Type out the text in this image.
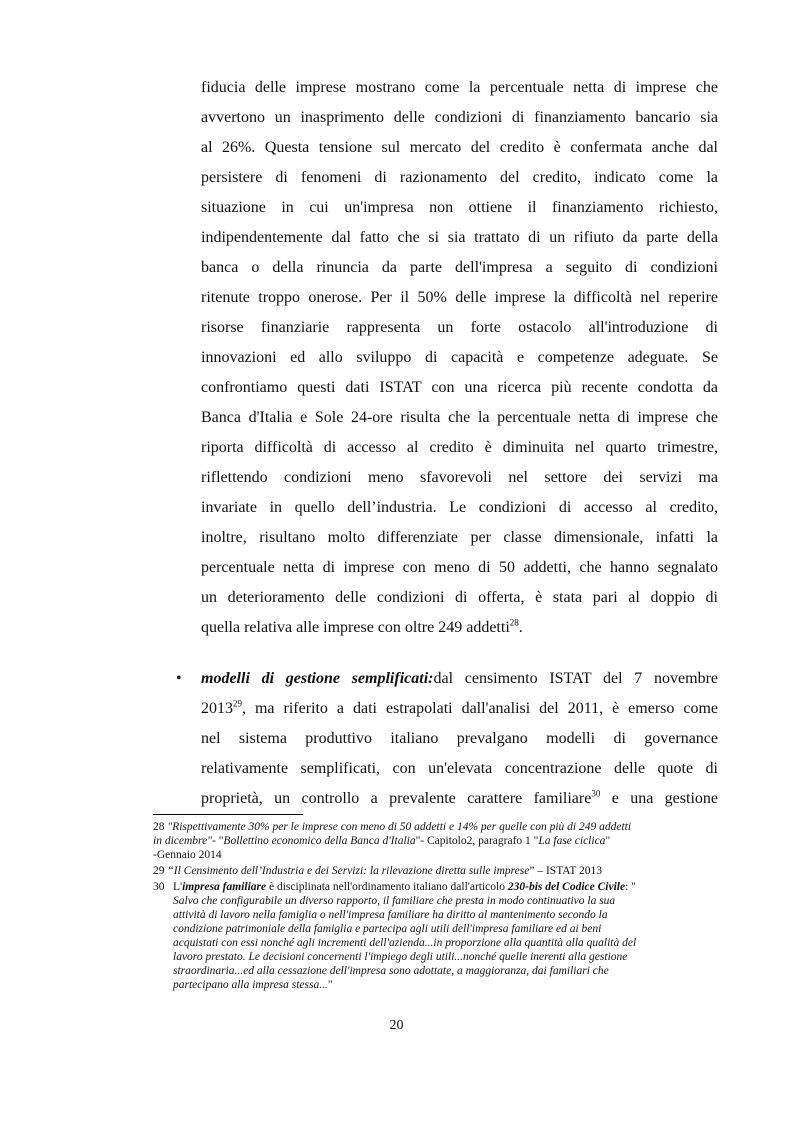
fiducia delle imprese mostrano come la percentuale netta di imprese che
avvertono un inasprimento delle condizioni di finanziamento bancario sia
al 26%. Questa tensione sul mercato del credito è confermata anche dal
persistere di fenomeni di razionamento del credito, indicato come la
situazione in cui un'impresa non ottiene il finanziamento richiesto,
indipendentemente dal fatto che si sia trattato di un rifiuto da parte della
banca o della rinuncia da parte dell'impresa a seguito di condizioni
ritenute troppo onerose. Per il 50% delle imprese la difficoltà nel reperire
risorse finanziarie rappresenta un forte ostacolo all'introduzione di
innovazioni ed allo sviluppo di capacità e competenze adeguate. Se
confrontiamo questi dati ISTAT con una ricerca più recente condotta da
Banca d'Italia e Sole 24-ore risulta che la percentuale netta di imprese che
riporta difficoltà di accesso al credito è diminuita nel quarto trimestre,
riflettendo condizioni meno sfavorevoli nel settore dei servizi ma
invariate in quello dell’industria. Le condizioni di accesso al credito,
inoltre, risultano molto differenziate per classe dimensionale, infatti la
percentuale netta di imprese con meno di 50 addetti, che hanno segnalato
un deterioramento delle condizioni di offerta, è stata pari al doppio di
quella relativa alle imprese con oltre 249 addetti$^{28}$.
• modelli di gestione semplificati:dal censimento ISTAT del 7 novembre
2013$^{29}$, ma riferito a dati estrapolati dall'analisi del 2011, è emerso come
nel sistema produttivo italiano prevalgano modelli di governance
relativamente semplificati, con un'elevata concentrazione delle quote di
proprietà, un controllo a prevalente carattere familiare$^{30}$ e una gestione
28 "Rispettivamente 30% per le imprese con meno di 50 addetti e 14% per quelle con più di 249 addetti
in dicembre"- "Bollettino economico della Banca d'Italia"- Capitolo2, paragrafo 1 "La fase ciclica"
-Gennaio 2014
29 “Il Censimento dell’Industria e dei Servizi: la rilevazione diretta sulle imprese” – ISTAT 2013
30 L'impresa familiare è disciplinata nell'ordinamento italiano dall'articolo 230-bis del Codice Civile: "
Salvo che configurabile un diverso rapporto, il familiare che presta in modo continuativo la sua
attività di lavoro nella famiglia o nell'impresa familiare ha diritto al mantenimento secondo la
condizione patrimoniale della famiglia e partecipa agli utili dell'impresa familiare ed ai beni
acquistati con essi nonché agli incrementi dell'azienda...in proporzione alla quantità alla qualità del
lavoro prestato. Le decisioni concernenti l'impiego degli utili...nonché quelle inerenti alla gestione
straordinaria...ed alla cessazione dell'impresa sono adottate, a maggioranza, dai familiari che
partecipano alla impresa stessa..."
20
